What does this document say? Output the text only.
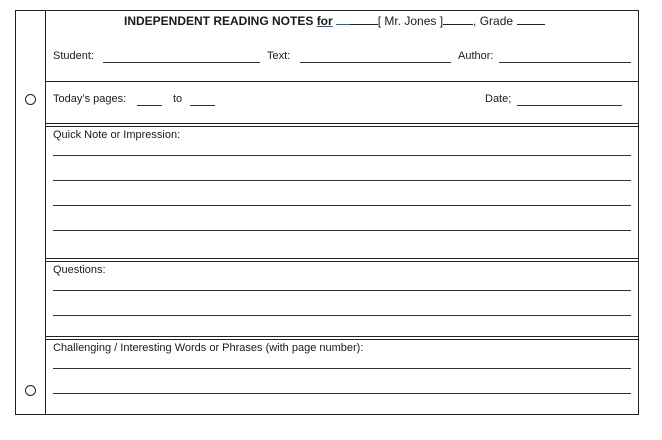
INDEPENDENT READING NOTES for	[ Mr. Jones ]	, Grade
Student:	Text:	Author:
Today’s pages:	to	Date;
Quick Note or Impression:
Questions:
Challenging / Interesting Words or Phrases (with page number):
